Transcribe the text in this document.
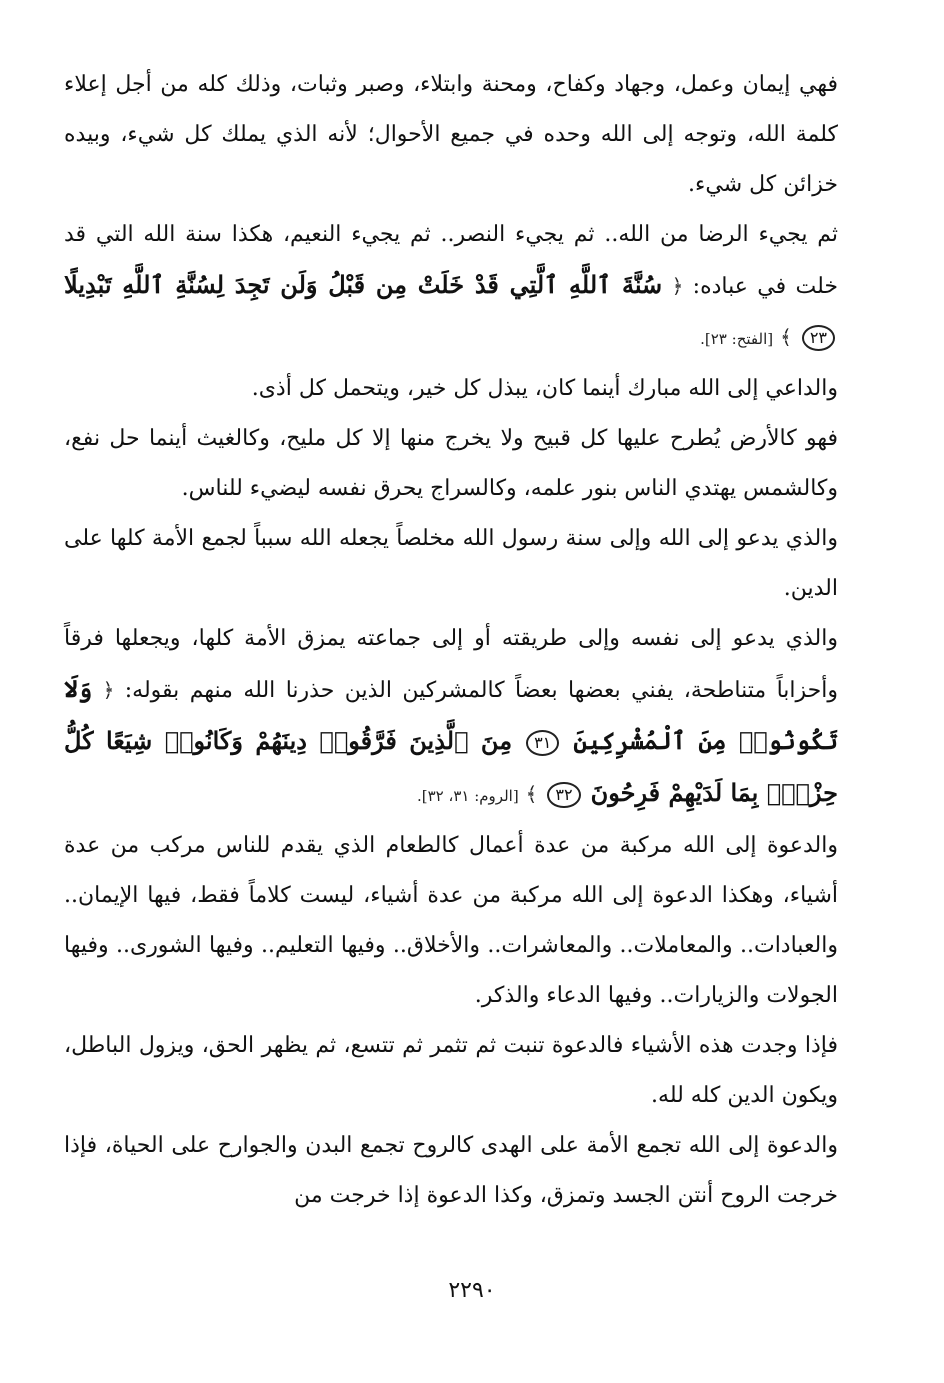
فهي إيمان وعمل، وجهاد وكفاح، ومحنة وابتلاء، وصبر وثبات، وذلك كله من أجل إعلاء كلمة الله، وتوجه إلى الله وحده في جميع الأحوال؛ لأنه الذي يملك كل شيء، وبيده خزائن كل شيء.

ثم يجيء الرضا من الله.. ثم يجيء النصر.. ثم يجيء النعيم، هكذا سنة الله التي قد خلت في عباده: ﴿ سُنَّةَ ٱللَّهِ ٱلَّتِي قَدْ خَلَتْ مِن قَبْلُ وَلَن تَجِدَ لِسُنَّةِ ٱللَّهِ تَبْدِيلًا ٢٣ ﴾ [الفتح: ٢٣].

والداعي إلى الله مبارك أينما كان، يبذل كل خير، ويتحمل كل أذى.

فهو كالأرض يُطرح عليها كل قبيح ولا يخرج منها إلا كل مليح، وكالغيث أينما حل نفع، وكالشمس يهتدي الناس بنور علمه، وكالسراج يحرق نفسه ليضيء للناس.

والذي يدعو إلى الله وإلى سنة رسول الله مخلصاً يجعله الله سبباً لجمع الأمة كلها على الدين.

والذي يدعو إلى نفسه وإلى طريقته أو إلى جماعته يمزق الأمة كلها، ويجعلها فرقاً وأحزاباً متناطحة، يفني بعضها بعضاً كالمشركين الذين حذرنا الله منهم بقوله: ﴿ وَلَا تَكُونُوا۟ مِنَ ٱلْمُشْرِكِينَ ٣١ مِنَ ٱلَّذِينَ فَرَّقُوا۟ دِينَهُمْ وَكَانُوا۟ شِيَعًا كُلُّ حِزْبٍۭ بِمَا لَدَيْهِمْ فَرِحُونَ ٣٢ ﴾ [الروم: ٣١، ٣٢].

والدعوة إلى الله مركبة من عدة أعمال كالطعام الذي يقدم للناس مركب من عدة أشياء، وهكذا الدعوة إلى الله مركبة من عدة أشياء، ليست كلاماً فقط، فيها الإيمان.. والعبادات.. والمعاملات.. والمعاشرات.. والأخلاق.. وفيها التعليم.. وفيها الشورى.. وفيها الجولات والزيارات.. وفيها الدعاء والذكر.

فإذا وجدت هذه الأشياء فالدعوة تنبت ثم تثمر ثم تتسع، ثم يظهر الحق، ويزول الباطل، ويكون الدين كله لله.

والدعوة إلى الله تجمع الأمة على الهدى كالروح تجمع البدن والجوارح على الحياة، فإذا خرجت الروح أنتن الجسد وتمزق، وكذا الدعوة إذا خرجت من

٢٢٩٠
